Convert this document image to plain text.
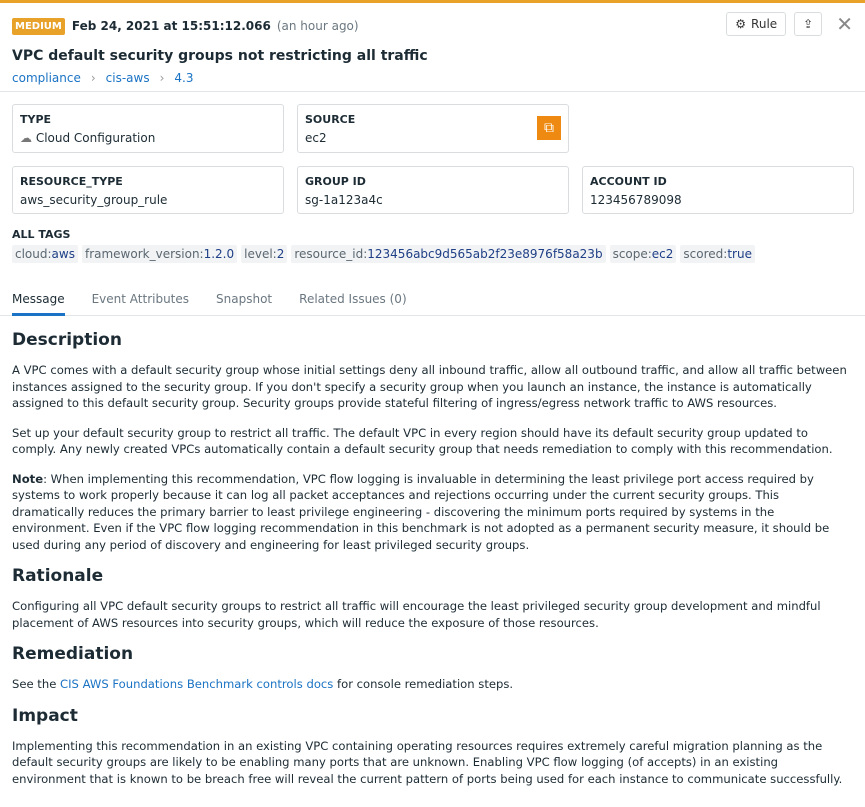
MEDIUM Feb 24, 2021 at 15:51:12.066 (an hour ago)	⚙ Rule ⇪ ✕
VPC default security groups not restricting all traffic
compliance › cis-aws › 4.3
TYPE
☁ Cloud Configuration
SOURCE
ec2
⧉
RESOURCE_TYPE
aws_security_group_rule
GROUP ID
sg-1a123a4c
ACCOUNT ID
123456789098
ALL TAGS
cloud:aws framework_version:1.2.0 level:2 resource_id:123456abc9d565ab2f23e8976f58a23b scope:ec2 scored:true
Message Event Attributes Snapshot Related Issues (0)
Description

A VPC comes with a default security group whose initial settings deny all inbound traffic, allow all outbound traffic, and allow all traffic between instances assigned to the security group. If you don't specify a security group when you launch an instance, the instance is automatically assigned to this default security group. Security groups provide stateful filtering of ingress/egress network traffic to AWS resources.

Set up your default security group to restrict all traffic. The default VPC in every region should have its default security group updated to comply. Any newly created VPCs automatically contain a default security group that needs remediation to comply with this recommendation.

Note: When implementing this recommendation, VPC flow logging is invaluable in determining the least privilege port access required by systems to work properly because it can log all packet acceptances and rejections occurring under the current security groups. This dramatically reduces the primary barrier to least privilege engineering - discovering the minimum ports required by systems in the environment. Even if the VPC flow logging recommendation in this benchmark is not adopted as a permanent security measure, it should be used during any period of discovery and engineering for least privileged security groups.

Rationale

Configuring all VPC default security groups to restrict all traffic will encourage the least privileged security group development and mindful placement of AWS resources into security groups, which will reduce the exposure of those resources.

Remediation

See the CIS AWS Foundations Benchmark controls docs for console remediation steps.

Impact

Implementing this recommendation in an existing VPC containing operating resources requires extremely careful migration planning as the default security groups are likely to be enabling many ports that are unknown. Enabling VPC flow logging (of accepts) in an existing environment that is known to be breach free will reveal the current pattern of ports being used for each instance to communicate successfully.
